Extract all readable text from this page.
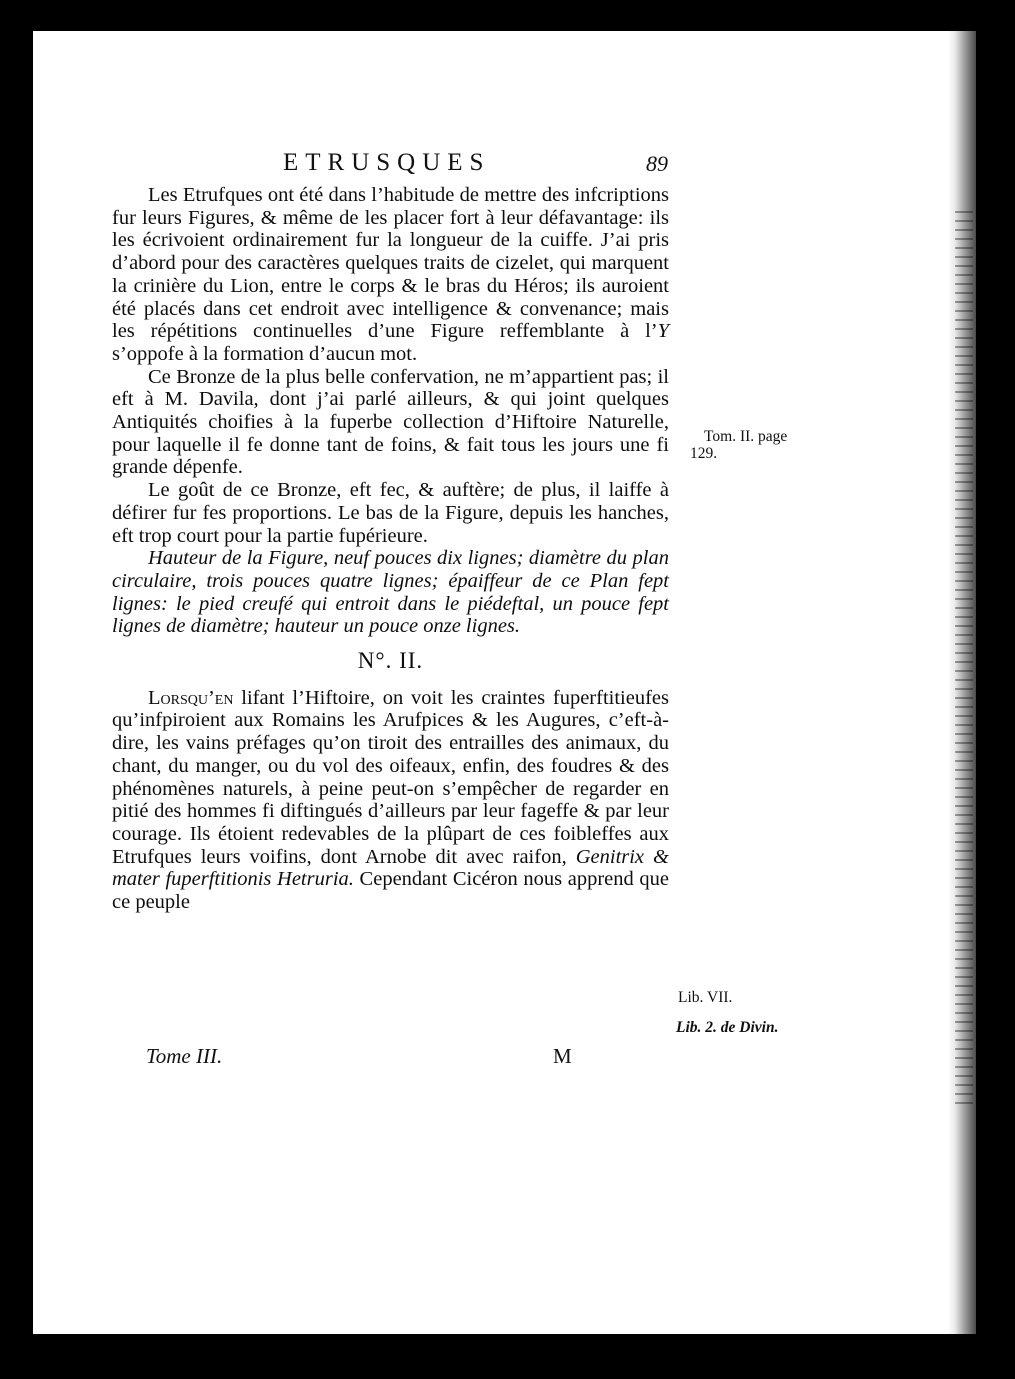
ETRUSQUES	89

Les Etrufques ont été dans l’habitude de mettre des infcriptions fur leurs Figures, & même de les placer fort à leur défavantage: ils les écrivoient ordinairement fur la longueur de la cuiffe. J’ai pris d’abord pour des caractères quelques traits de cizelet, qui marquent la crinière du Lion, entre le corps & le bras du Héros; ils auroient été placés dans cet endroit avec intelligence & convenance; mais les répétitions continuelles d’une Figure reffemblante à l’Y s’oppofe à la formation d’aucun mot.

Ce Bronze de la plus belle confervation, ne m’appartient pas; il eft à M. Davila, dont j’ai parlé ailleurs, & qui joint quelques Antiquités choifies à la fuperbe collection d’Hiftoire Naturelle, pour laquelle il fe donne tant de foins, & fait tous les jours une fi grande dépenfe.

Le goût de ce Bronze, eft fec, & auftère; de plus, il laiffe à défirer fur fes proportions. Le bas de la Figure, depuis les hanches, eft trop court pour la partie fupérieure.

Hauteur de la Figure, neuf pouces dix lignes; diamètre du plan circulaire, trois pouces quatre lignes; épaiffeur de ce Plan fept lignes: le pied creufé qui entroit dans le piédeftal, un pouce fept lignes de diamètre; hauteur un pouce onze lignes.

N°. II.

Lorsqu’en lifant l’Hiftoire, on voit les craintes fuperftitieufes qu’infpiroient aux Romains les Arufpices & les Augures, c’eft-à-dire, les vains préfages qu’on tiroit des entrailles des animaux, du chant, du manger, ou du vol des oifeaux, enfin, des foudres & des phénomènes naturels, à peine peut-on s’empêcher de regarder en pitié des hommes fi diftingués d’ailleurs par leur fageffe & par leur courage. Ils étoient redevables de la plûpart de ces foibleffes aux Etrufques leurs voifins, dont Arnobe dit avec raifon, Genitrix & mater fuperftitionis Hetruria. Cependant Cicéron nous apprend que ce peuple

Tom. II. page
129.
Lib. VII.
Lib. 2. de Divin.
Tome III.	M
